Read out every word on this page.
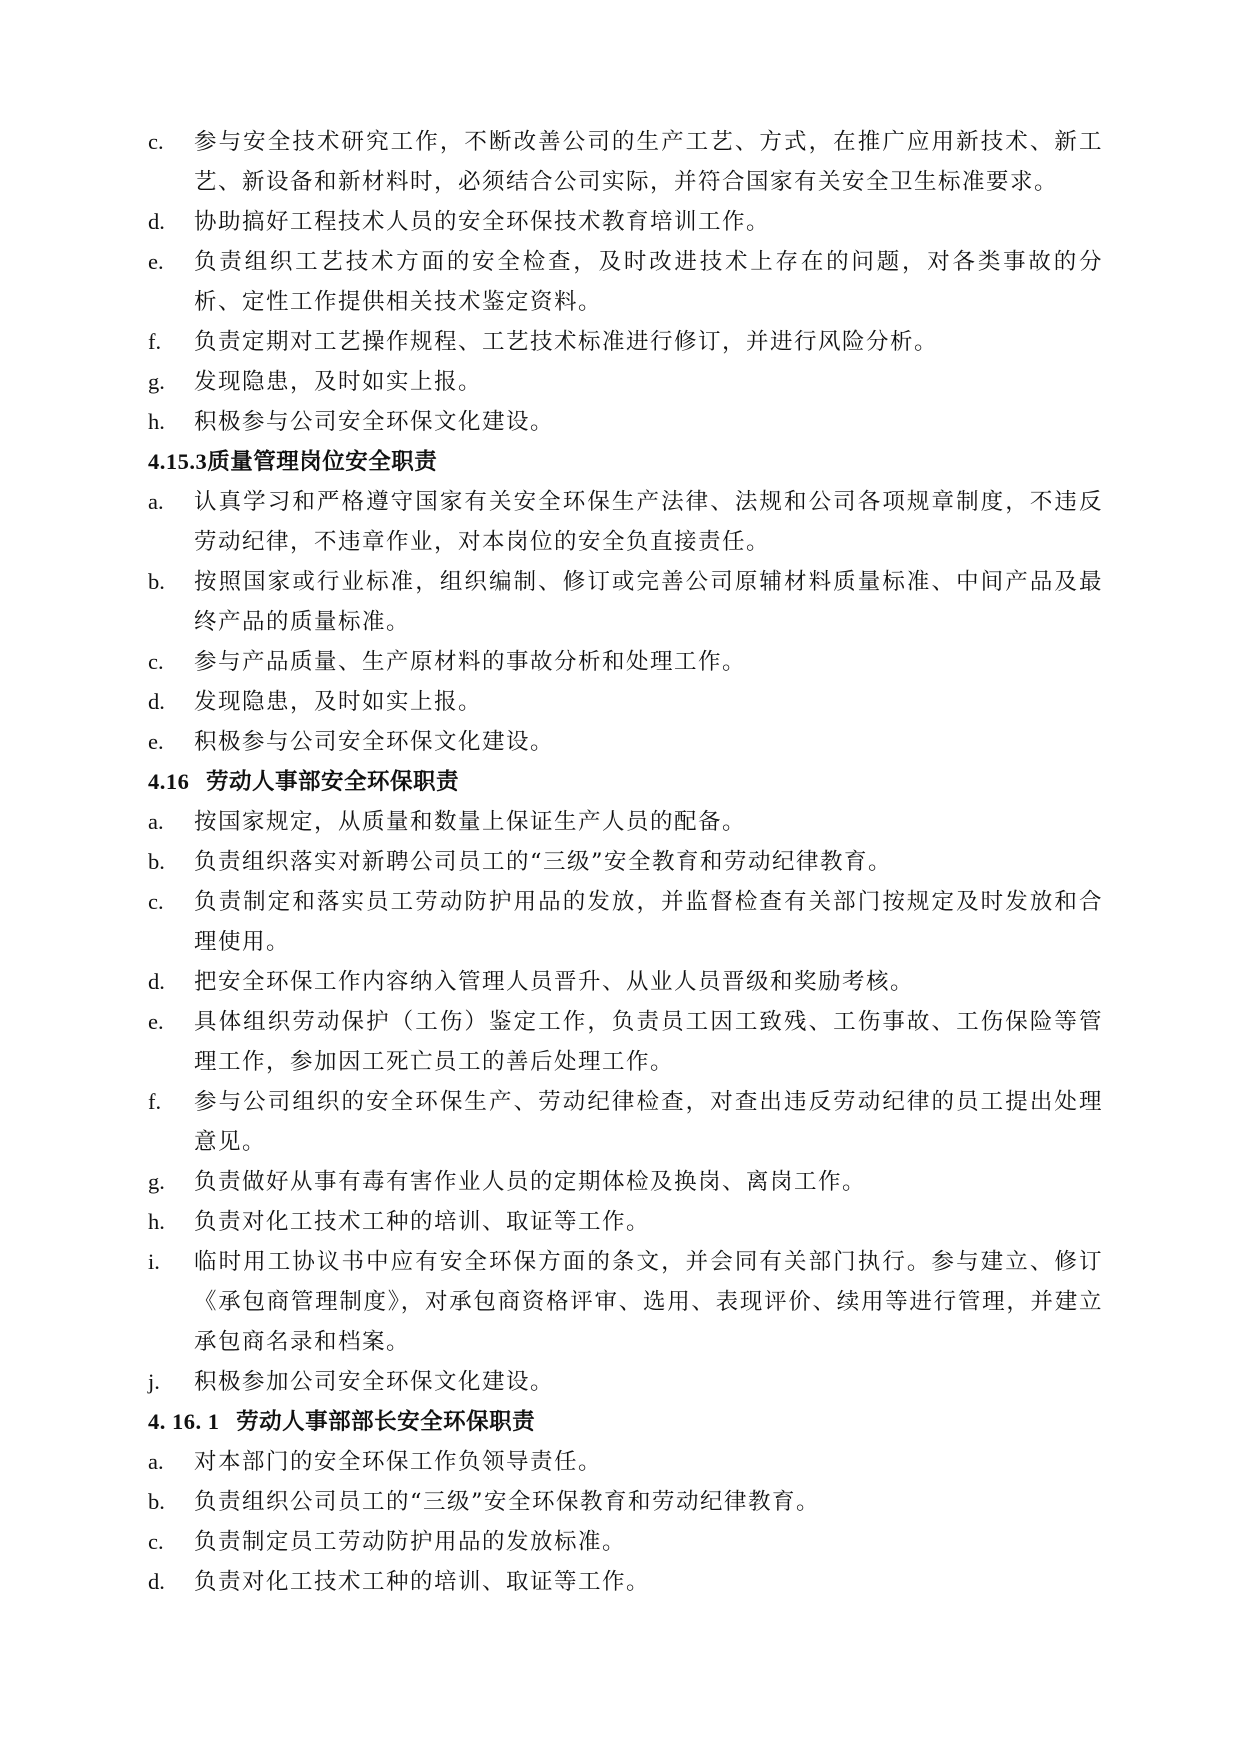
c. 参与安全技术研究工作，不断改善公司的生产工艺、方式，在推广应用新技术、新工艺、新设备和新材料时，必须结合公司实际，并符合国家有关安全卫生标准要求。
d. 协助搞好工程技术人员的安全环保技术教育培训工作。
e. 负责组织工艺技术方面的安全检查，及时改进技术上存在的问题，对各类事故的分析、定性工作提供相关技术鉴定资料。
f. 负责定期对工艺操作规程、工艺技术标准进行修订，并进行风险分析。
g. 发现隐患，及时如实上报。
h. 积极参与公司安全环保文化建设。
4.15.3质量管理岗位安全职责
a. 认真学习和严格遵守国家有关安全环保生产法律、法规和公司各项规章制度，不违反劳动纪律，不违章作业，对本岗位的安全负直接责任。
b. 按照国家或行业标准，组织编制、修订或完善公司原辅材料质量标准、中间产品及最终产品的质量标准。
c. 参与产品质量、生产原材料的事故分析和处理工作。
d. 发现隐患，及时如实上报。
e. 积极参与公司安全环保文化建设。
4.16 劳动人事部安全环保职责
a. 按国家规定，从质量和数量上保证生产人员的配备。
b. 负责组织落实对新聘公司员工的“三级”安全教育和劳动纪律教育。
c. 负责制定和落实员工劳动防护用品的发放，并监督检查有关部门按规定及时发放和合理使用。
d. 把安全环保工作内容纳入管理人员晋升、从业人员晋级和奖励考核。
e. 具体组织劳动保护（工伤）鉴定工作，负责员工因工致残、工伤事故、工伤保险等管理工作，参加因工死亡员工的善后处理工作。
f. 参与公司组织的安全环保生产、劳动纪律检查，对查出违反劳动纪律的员工提出处理意见。
g. 负责做好从事有毒有害作业人员的定期体检及换岗、离岗工作。
h. 负责对化工技术工种的培训、取证等工作。
i. 临时用工协议书中应有安全环保方面的条文，并会同有关部门执行。参与建立、修订《承包商管理制度》，对承包商资格评审、选用、表现评价、续用等进行管理，并建立承包商名录和档案。
j. 积极参加公司安全环保文化建设。
4. 16. 1 劳动人事部部长安全环保职责
a. 对本部门的安全环保工作负领导责任。
b. 负责组织公司员工的“三级”安全环保教育和劳动纪律教育。
c. 负责制定员工劳动防护用品的发放标准。
d. 负责对化工技术工种的培训、取证等工作。
